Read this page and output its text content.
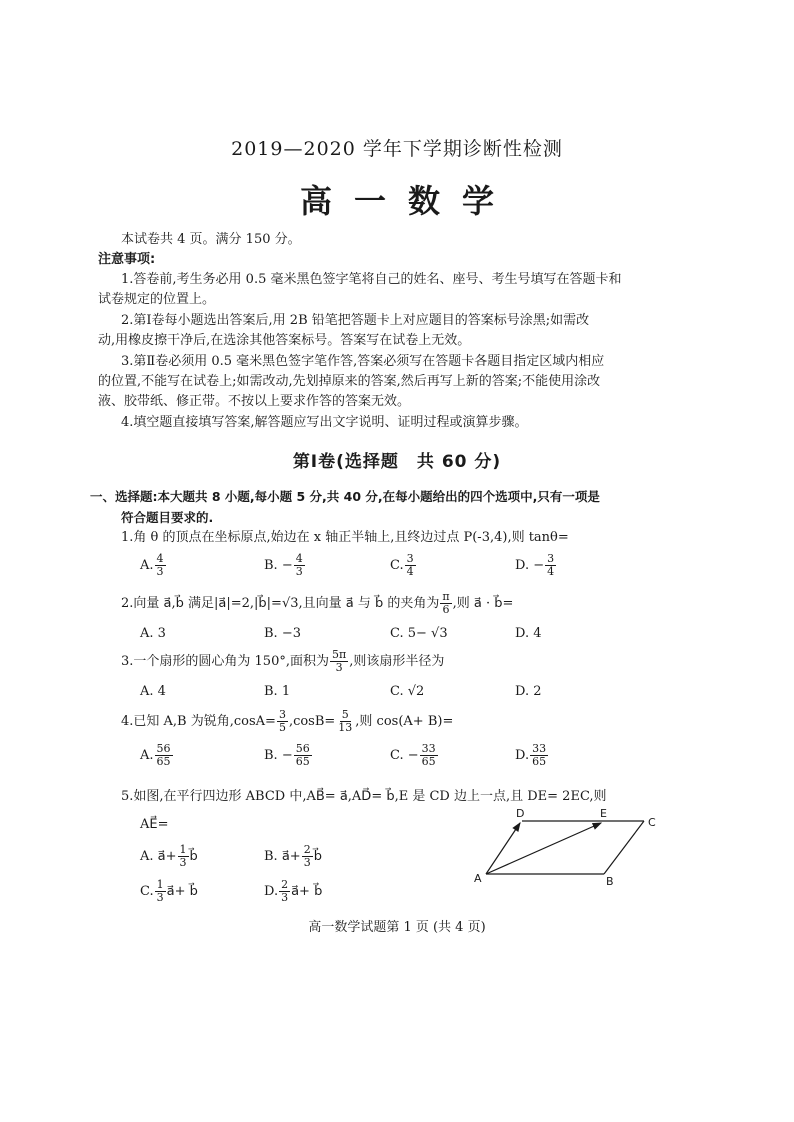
2019—2020 学年下学期诊断性检测
高一数学
本试卷共 4 页。满分 150 分。
注意事项:
1.答卷前,考生务必用 0.5 毫米黑色签字笔将自己的姓名、座号、考生号填写在答题卡和
试卷规定的位置上。
2.第Ⅰ卷每小题选出答案后,用 2B 铅笔把答题卡上对应题目的答案标号涂黑;如需改
动,用橡皮擦干净后,在选涂其他答案标号。答案写在试卷上无效。
3.第Ⅱ卷必须用 0.5 毫米黑色签字笔作答,答案必须写在答题卡各题目指定区域内相应
的位置,不能写在试卷上;如需改动,先划掉原来的答案,然后再写上新的答案;不能使用涂改
液、胶带纸、修正带。不按以上要求作答的答案无效。
4.填空题直接填写答案,解答题应写出文字说明、证明过程或演算步骤。
第Ⅰ卷(选择题　共 60 分)
一、选择题:本大题共 8 小题,每小题 5 分,共 40 分,在每小题给出的四个选项中,只有一项是
符合题目要求的.
1.角 θ 的顶点在坐标原点,始边在 x 轴正半轴上,且终边过点 P(-3,4),则 tanθ=
A. $\frac{4}{3}$	B. − $\frac{4}{3}$	C. $\frac{3}{4}$	D. − $\frac{3}{4}$
2.向量 a⃗,b⃗ 满足|a⃗|=2,|b⃗|=√3,且向量 a⃗ 与 b⃗ 的夹角为 $\frac{\pi}{6}$ ,则 a⃗ · b⃗=
A. 3	B. −3	C. 5− √3	D. 4
3.一个扇形的圆心角为 150°,面积为 $\frac{5\pi}{3}$ ,则该扇形半径为
A. 4	B. 1	C. √2	D. 2
4.已知 A,B 为锐角$,\cos A= \frac{3}{5} ,\cos B= \frac{5}{13}$ ,则 cos(A+ B)=
A. $\frac{56}{65}$	B. − $\frac{56}{65}$	C. − $\frac{33}{65}$	D. $\frac{33}{65}$
5.如图,在平行四边形 ABCD 中,AB⃗= a⃗,AD⃗= b⃗,E 是 CD 边上一点,且 DE= 2EC,则
AE⃗=
A. a⃗+ $\frac{1}{3}$ b⃗	B. a⃗+ $\frac{2}{3}$ b⃗
C. $\frac{1}{3}$ a⃗+ b⃗	D. $\frac{2}{3}$ a⃗+ b⃗
A	B
C
D	E
高一数学试题第 1 页 (共 4 页)
